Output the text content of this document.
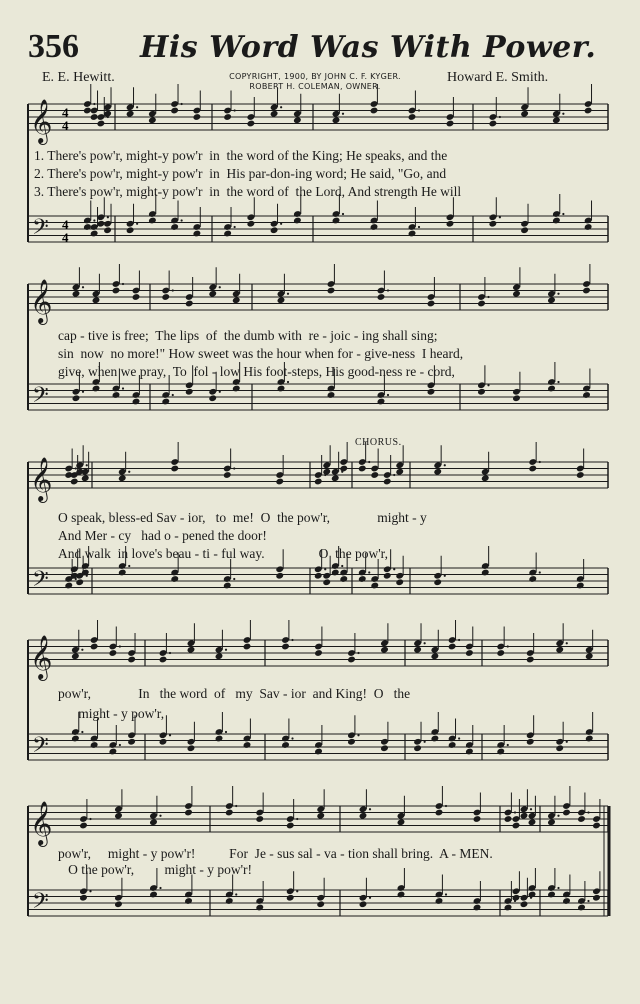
356 His Word Was With Power.
E. E. Hewitt.	COPYRIGHT, 1900, BY JOHN C. F. KYGER.
ROBERT H. COLEMAN, OWNER.
Howard E. Smith.
𝄞
𝄢
4
4
4
4
𝄞
𝄢
𝄞
𝄢
𝄞
𝄢
𝄞
𝄢
1. There's pow'r, might-y pow'r  in  the word of the King; He speaks, and the
2. There's pow'r, might-y pow'r  in  His par-don-ing word; He said, "Go, and
3. There's pow'r, might-y pow'r  in  the word of  the Lord, And strength He will
cap - tive is free;  The lips  of  the dumb with  re - joic - ing shall sing;
sin  now  no more!" How sweet was the hour when for - give-ness  I heard,
give, when we pray,  To  fol - low His foot-steps, His good-ness re - cord,
CHORUS.
O speak, bless-ed Sav - ior,   to  me!  O  the pow'r,              might - y
And Mer - cy   had o - pened the door!
And walk  in love's beau - ti - ful way.                O  the pow'r,
pow'r,              In   the word  of   my  Sav - ior  and King!  O   the
might - y pow'r,
pow'r,     might - y pow'r!          For  Je - sus sal - va - tion shall bring.  A - MEN.
O the pow'r,         might - y pow'r!
